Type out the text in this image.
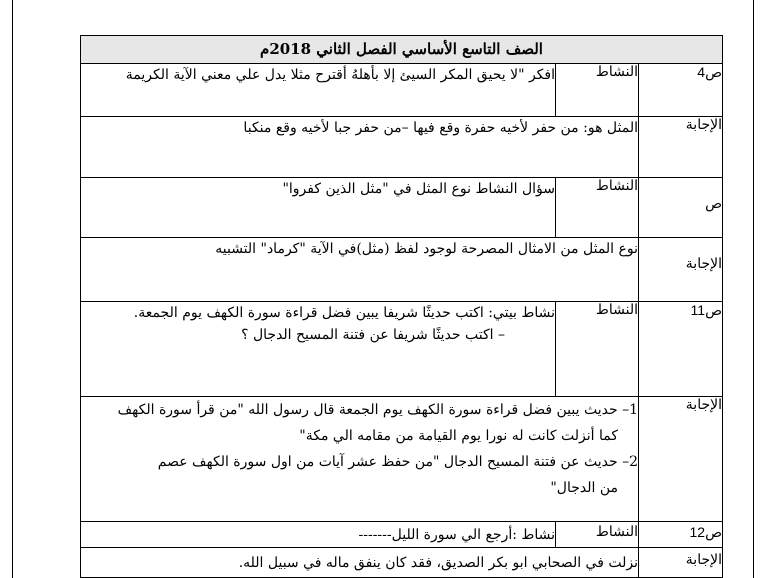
الصف التاسع الأساسي الفصل الثاني 2018م		
ص4	النشاط	افكر "لا يحيق المكر السيئ إلا بأهلهُ أقترح مثلا يدل علي معني الآية الكريمة
الإجابة	المثل هو: من حفر لأخيه حفرة وقع فيها –من حفر جبا لأخيه وقع منكبا	
ص	النشاط	سؤال النشاط نوع المثل في "مثل الذين كفروا"
الإجابة	نوع المثل من الامثال المصرحة لوجود لفظ (مثل)في الآية "كرماد" التشبيه	
ص11	النشاط	نشاط بيتي: اكتب حديثًا شريفا يبين فضل قراءة سورة الكهف يوم الجمعة.

– اكتب حديثًا شريفا عن فتنة المسيح الدجال ؟

الإجابة	1– حديث يبين فضل قراءة سورة الكهف يوم الجمعة قال رسول الله "من قرأ سورة الكهف

كما أنزلت كانت له نورا يوم القيامة من مقامه الي مكة"

2– حديث عن فتنة المسيح الدجال "من حفظ عشر آيات من اول سورة الكهف عصم

من الدجال"	

ص12	النشاط	نشاط :أرجع الي سورة الليل-------
الإجابة	نزلت في الصحابي ابو بكر الصديق، فقد كان ينفق ماله في سبيل الله.	
